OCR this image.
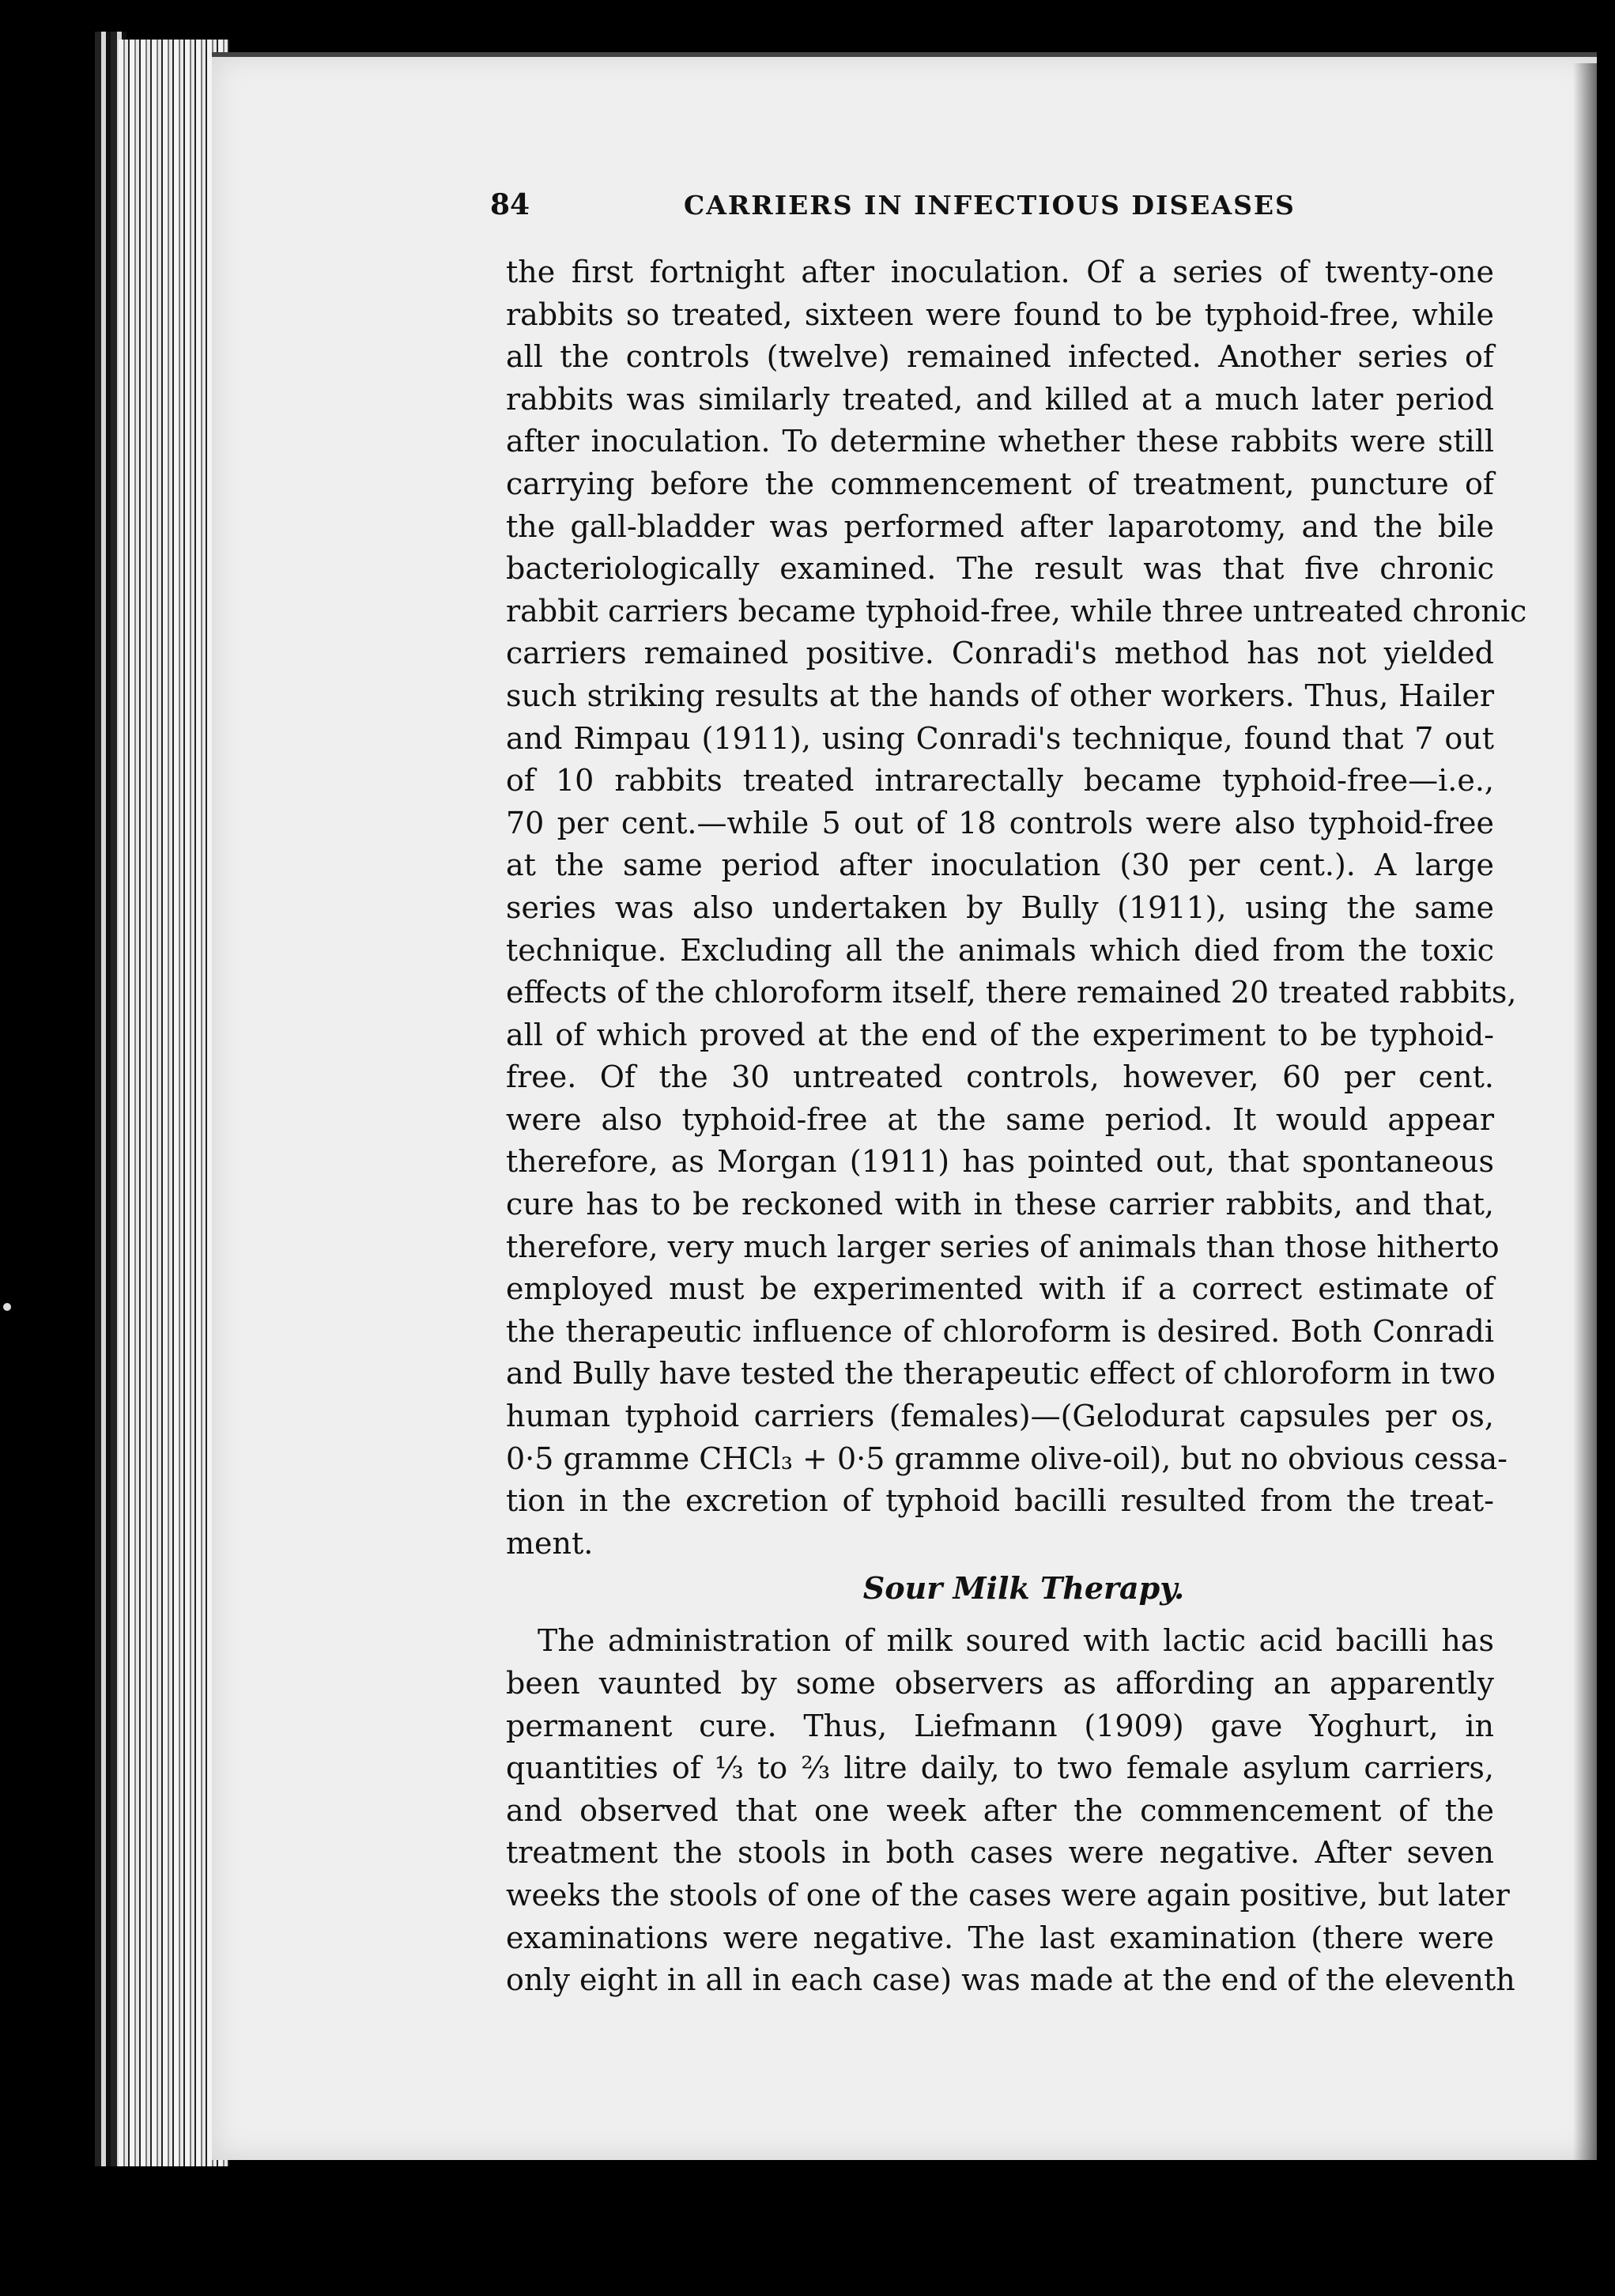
84	CARRIERS IN INFECTIOUS DISEASES
the first fortnight after inoculation. Of a series of twenty-one
rabbits so treated, sixteen were found to be typhoid-free, while
all the controls (twelve) remained infected. Another series of
rabbits was similarly treated, and killed at a much later period
after inoculation. To determine whether these rabbits were still
carrying before the commencement of treatment, puncture of
the gall-bladder was performed after laparotomy, and the bile
bacteriologically examined. The result was that five chronic
rabbit carriers became typhoid-free, while three untreated chronic
carriers remained positive. Conradi's method has not yielded
such striking results at the hands of other workers. Thus, Hailer
and Rimpau (1911), using Conradi's technique, found that 7 out
of 10 rabbits treated intrarectally became typhoid-free—i.e.,
70 per cent.—while 5 out of 18 controls were also typhoid-free
at the same period after inoculation (30 per cent.). A large
series was also undertaken by Bully (1911), using the same
technique. Excluding all the animals which died from the toxic
effects of the chloroform itself, there remained 20 treated rabbits,
all of which proved at the end of the experiment to be typhoid-
free. Of the 30 untreated controls, however, 60 per cent.
were also typhoid-free at the same period. It would appear
therefore, as Morgan (1911) has pointed out, that spontaneous
cure has to be reckoned with in these carrier rabbits, and that,
therefore, very much larger series of animals than those hitherto
employed must be experimented with if a correct estimate of
the therapeutic influence of chloroform is desired. Both Conradi
and Bully have tested the therapeutic effect of chloroform in two
human typhoid carriers (females)—(Gelodurat capsules per os,
0·5 gramme CHCl₃ + 0·5 gramme olive-oil), but no obvious cessa-
tion in the excretion of typhoid bacilli resulted from the treat-
ment.
Sour Milk Therapy.
The administration of milk soured with lactic acid bacilli has
been vaunted by some observers as affording an apparently
permanent cure. Thus, Liefmann (1909) gave Yoghurt, in
quantities of ⅓ to ⅔ litre daily, to two female asylum carriers,
and observed that one week after the commencement of the
treatment the stools in both cases were negative. After seven
weeks the stools of one of the cases were again positive, but later
examinations were negative. The last examination (there were
only eight in all in each case) was made at the end of the eleventh
